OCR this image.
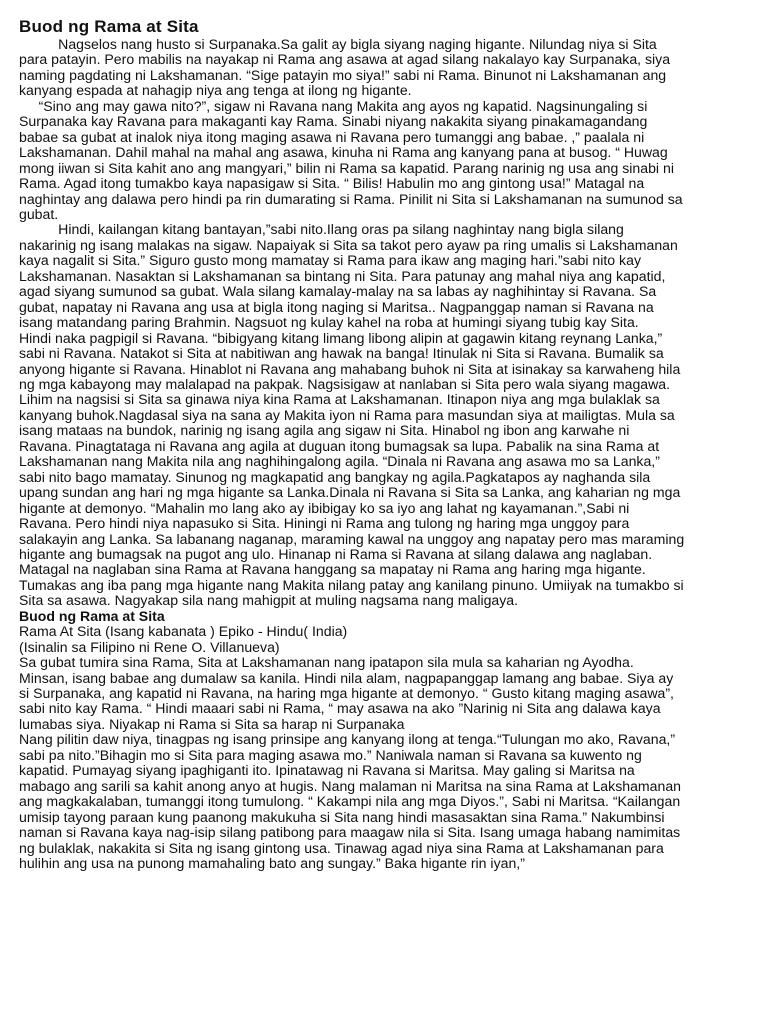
Buod ng Rama at Sita
Nagselos nang husto si Surpanaka.Sa galit ay bigla siyang naging higante. Nilundag niya si Sita
para patayin. Pero mabilis na nayakap ni Rama ang asawa at agad silang nakalayo kay Surpanaka, siya
naming pagdating ni Lakshamanan. “Sige patayin mo siya!” sabi ni Rama. Binunot ni Lakshamanan ang
kanyang espada at nahagip niya ang tenga at ilong ng higante.
“Sino ang may gawa nito?”, sigaw ni Ravana nang Makita ang ayos ng kapatid. Nagsinungaling si
Surpanaka kay Ravana para makaganti kay Rama. Sinabi niyang nakakita siyang pinakamagandang
babae sa gubat at inalok niya itong maging asawa ni Ravana pero tumanggi ang babae. ,” paalala ni
Lakshamanan. Dahil mahal na mahal ang asawa, kinuha ni Rama ang kanyang pana at busog. “ Huwag
mong iiwan si Sita kahit ano ang mangyari,” bilin ni Rama sa kapatid. Parang narinig ng usa ang sinabi ni
Rama. Agad itong tumakbo kaya napasigaw si Sita. “ Bilis! Habulin mo ang gintong usa!” Matagal na
naghintay ang dalawa pero hindi pa rin dumarating si Rama. Pinilit ni Sita si Lakshamanan na sumunod sa
gubat.
Hindi, kailangan kitang bantayan,”sabi nito.Ilang oras pa silang naghintay nang bigla silang
nakarinig ng isang malakas na sigaw. Napaiyak si Sita sa takot pero ayaw pa ring umalis si Lakshamanan
kaya nagalit si Sita.” Siguro gusto mong mamatay si Rama para ikaw ang maging hari.”sabi nito kay
Lakshamanan. Nasaktan si Lakshamanan sa bintang ni Sita. Para patunay ang mahal niya ang kapatid,
agad siyang sumunod sa gubat. Wala silang kamalay-malay na sa labas ay naghihintay si Ravana. Sa
gubat, napatay ni Ravana ang usa at bigla itong naging si Maritsa.. Nagpanggap naman si Ravana na
isang matandang paring Brahmin. Nagsuot ng kulay kahel na roba at humingi siyang tubig kay Sita.
Hindi naka pagpigil si Ravana. “bibigyang kitang limang libong alipin at gagawin kitang reynang Lanka,”
sabi ni Ravana. Natakot si Sita at nabitiwan ang hawak na banga! Itinulak ni Sita si Ravana. Bumalik sa
anyong higante si Ravana. Hinablot ni Ravana ang mahabang buhok ni Sita at isinakay sa karwaheng hila
ng mga kabayong may malalapad na pakpak. Nagsisigaw at nanlaban si Sita pero wala siyang magawa.
Lihim na nagsisi si Sita sa ginawa niya kina Rama at Lakshamanan. Itinapon niya ang mga bulaklak sa
kanyang buhok.Nagdasal siya na sana ay Makita iyon ni Rama para masundan siya at mailigtas. Mula sa
isang mataas na bundok, narinig ng isang agila ang sigaw ni Sita. Hinabol ng ibon ang karwahe ni
Ravana. Pinagtataga ni Ravana ang agila at duguan itong bumagsak sa lupa. Pabalik na sina Rama at
Lakshamanan nang Makita nila ang naghihingalong agila. “Dinala ni Ravana ang asawa mo sa Lanka,”
sabi nito bago mamatay. Sinunog ng magkapatid ang bangkay ng agila.Pagkatapos ay naghanda sila
upang sundan ang hari ng mga higante sa Lanka.Dinala ni Ravana si Sita sa Lanka, ang kaharian ng mga
higante at demonyo. “Mahalin mo lang ako ay ibibigay ko sa iyo ang lahat ng kayamanan.”,Sabi ni
Ravana. Pero hindi niya napasuko si Sita. Hiningi ni Rama ang tulong ng haring mga unggoy para
salakayin ang Lanka. Sa labanang naganap, maraming kawal na unggoy ang napatay pero mas maraming
higante ang bumagsak na pugot ang ulo. Hinanap ni Rama si Ravana at silang dalawa ang naglaban.
Matagal na naglaban sina Rama at Ravana hanggang sa mapatay ni Rama ang haring mga higante.
Tumakas ang iba pang mga higante nang Makita nilang patay ang kanilang pinuno. Umiiyak na tumakbo si
Sita sa asawa. Nagyakap sila nang mahigpit at muling nagsama nang maligaya.
Buod ng Rama at Sita
Rama At Sita (Isang kabanata ) Epiko - Hindu( India)
(Isinalin sa Filipino ni Rene O. Villanueva)
Sa gubat tumira sina Rama, Sita at Lakshamanan nang ipatapon sila mula sa kaharian ng Ayodha.
Minsan, isang babae ang dumalaw sa kanila. Hindi nila alam, nagpapanggap lamang ang babae. Siya ay
si Surpanaka, ang kapatid ni Ravana, na haring mga higante at demonyo. “ Gusto kitang maging asawa”,
sabi nito kay Rama. “ Hindi maaari sabi ni Rama, “ may asawa na ako ”Narinig ni Sita ang dalawa kaya
lumabas siya. Niyakap ni Rama si Sita sa harap ni Surpanaka
Nang pilitin daw niya, tinagpas ng isang prinsipe ang kanyang ilong at tenga.“Tulungan mo ako, Ravana,”
sabi pa nito.”Bihagin mo si Sita para maging asawa mo.” Naniwala naman si Ravana sa kuwento ng
kapatid. Pumayag siyang ipaghiganti ito. Ipinatawag ni Ravana si Maritsa. May galing si Maritsa na
mabago ang sarili sa kahit anong anyo at hugis. Nang malaman ni Maritsa na sina Rama at Lakshamanan
ang magkakalaban, tumanggi itong tumulong. “ Kakampi nila ang mga Diyos.”, Sabi ni Maritsa. “Kailangan
umisip tayong paraan kung paanong makukuha si Sita nang hindi masasaktan sina Rama.” Nakumbinsi
naman si Ravana kaya nag-isip silang patibong para maagaw nila si Sita. Isang umaga habang namimitas
ng bulaklak, nakakita si Sita ng isang gintong usa. Tinawag agad niya sina Rama at Lakshamanan para
hulihin ang usa na punong mamahaling bato ang sungay.” Baka higante rin iyan,”
